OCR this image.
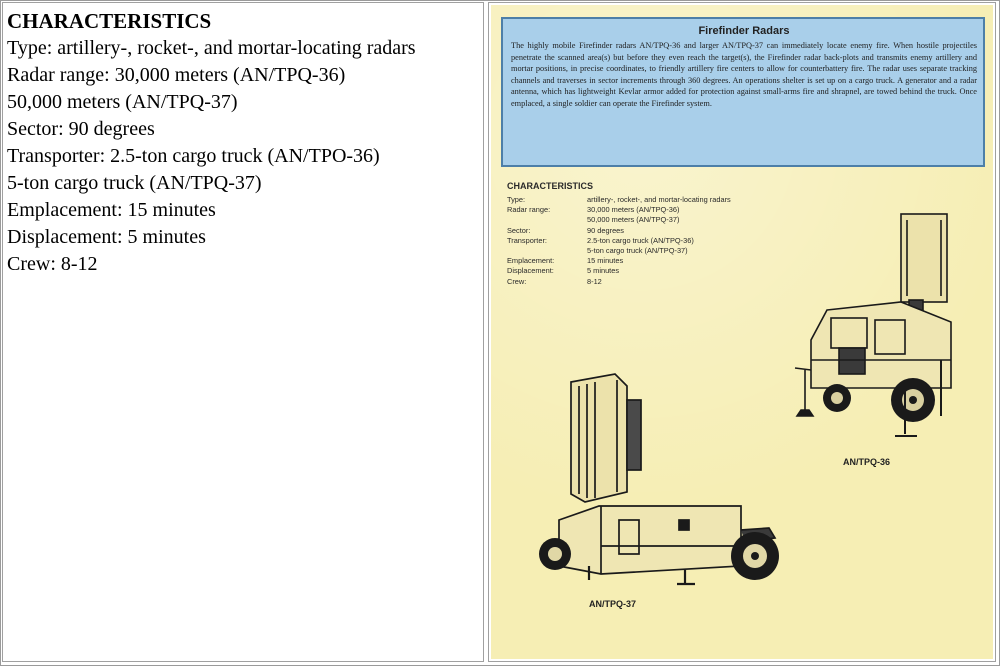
CHARACTERISTICS
Type: artillery-, rocket-, and mortar-locating radars
Radar range: 30,000 meters (AN/TPQ-36)
50,000 meters (AN/TPQ-37)
Sector: 90 degrees
Transporter: 2.5-ton cargo truck (AN/TPO-36)
5-ton cargo truck (AN/TPQ-37)
Emplacement: 15 minutes
Displacement: 5 minutes
Crew: 8-12
Firefinder Radars
The highly mobile Firefinder radars AN/TPQ-36 and larger AN/TPQ-37 can immediately locate enemy fire. When hostile projectiles penetrate the scanned area(s) but before they even reach the target(s), the Firefinder radar back-plots and transmits enemy artillery and mortar positions, in precise coordinates, to friendly artillery fire centers to allow for counterbattery fire. The radar uses separate tracking channels and traverses in sector increments through 360 degrees. An operations shelter is set up on a cargo truck. A generator and a radar antenna, which has lightweight Kevlar armor added for protection against small-arms fire and shrapnel, are towed behind the truck. Once emplaced, a single soldier can operate the Firefinder system.
CHARACTERISTICS
Type:	artillery-, rocket-, and mortar-locating radars
Radar range:	30,000 meters (AN/TPQ-36)
50,000 meters (AN/TPQ-37)
Sector:	90 degrees
Transporter:	2.5-ton cargo truck (AN/TPQ-36)
5-ton cargo truck (AN/TPQ-37)
Emplacement:	15 minutes
Displacement:	5 minutes
Crew:	8-12
AN/TPQ-36
AN/TPQ-37
